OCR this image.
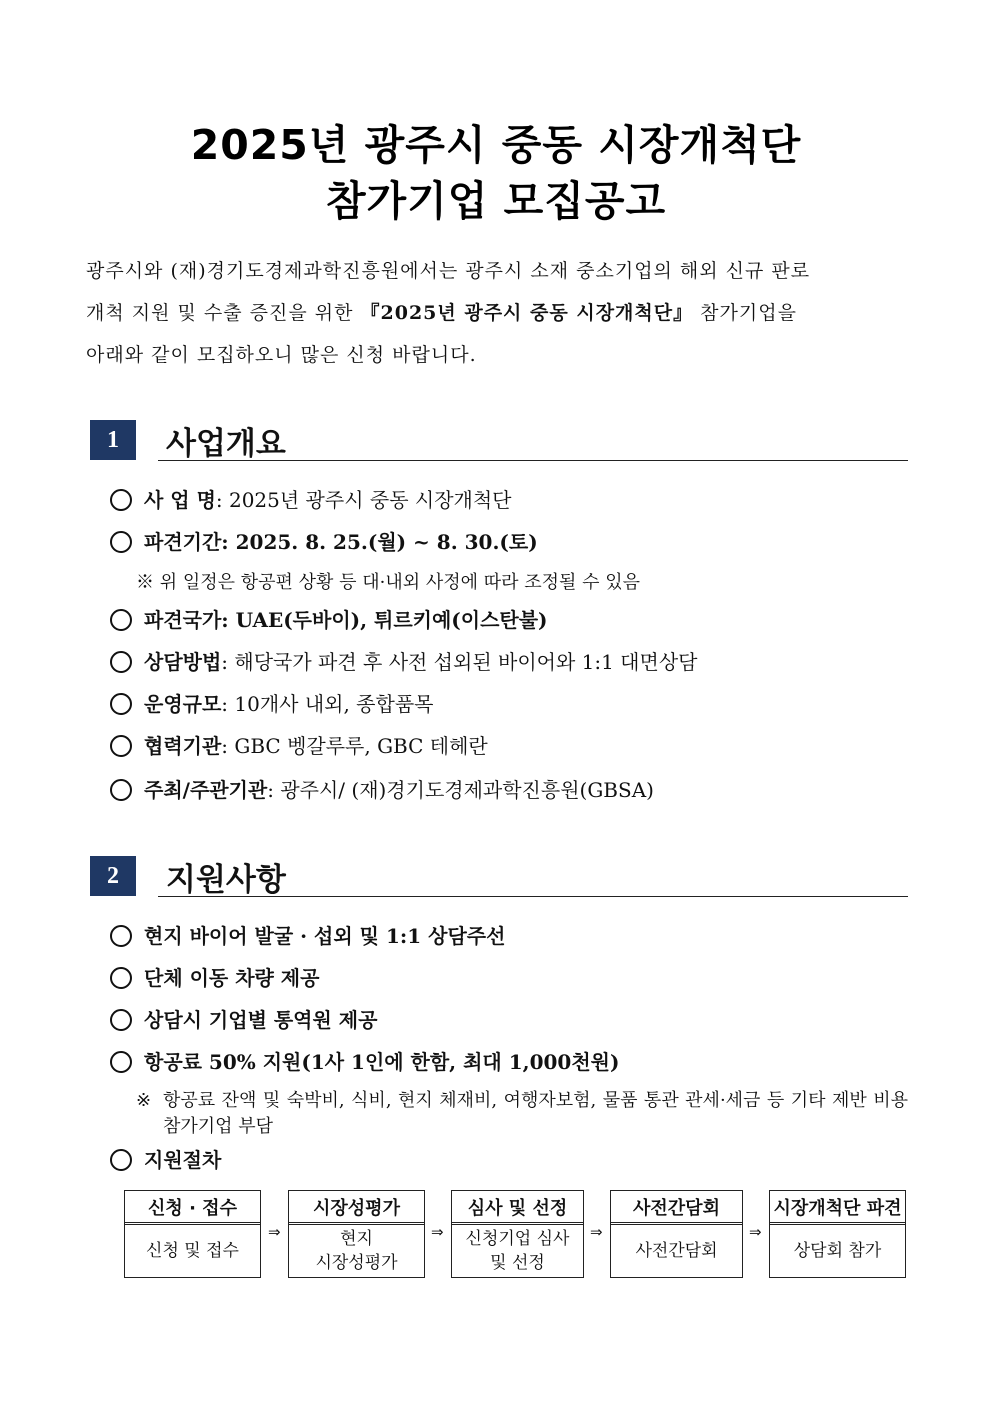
2025년 광주시 중동 시장개척단
참가기업 모집공고
광주시와 (재)경기도경제과학진흥원에서는 광주시 소재 중소기업의 해외 신규 판로
개척 지원 및 수출 증진을 위한 『2025년 광주시 중동 시장개척단』 참가기업을
아래와 같이 모집하오니 많은 신청 바랍니다.
1	사업개요
사 업 명: 2025년 광주시 중동 시장개척단
파견기간: 2025. 8. 25.(월) ~ 8. 30.(토)
※ 위 일정은 항공편 상황 등 대·내외 사정에 따라 조정될 수 있음
파견국가: UAE(두바이), 튀르키예(이스탄불)
상담방법: 해당국가 파견 후 사전 섭외된 바이어와 1:1 대면상담
운영규모: 10개사 내외, 종합품목
협력기관: GBC 벵갈루루, GBC 테헤란
주최/주관기관: 광주시/ (재)경기도경제과학진흥원(GBSA)
2	지원사항
현지 바이어 발굴 · 섭외 및 1:1 상담주선
단체 이동 차량 제공
상담시 기업별 통역원 제공
항공료 50% 지원(1사 1인에 한함, 최대 1,000천원)
※ 항공료 잔액 및 숙박비, 식비, 현지 체재비, 여행자보험, 물품 통관 관세·세금 등 기타 제반 비용 참가기업 부담
지원절차
신청 · 접수
신청 및 접수
⇒
시장성평가
현지
시장성평가
⇒
심사 및 선정
신청기업 심사
및 선정
⇒
사전간담회
사전간담회
⇒
시장개척단 파견
상담회 참가
